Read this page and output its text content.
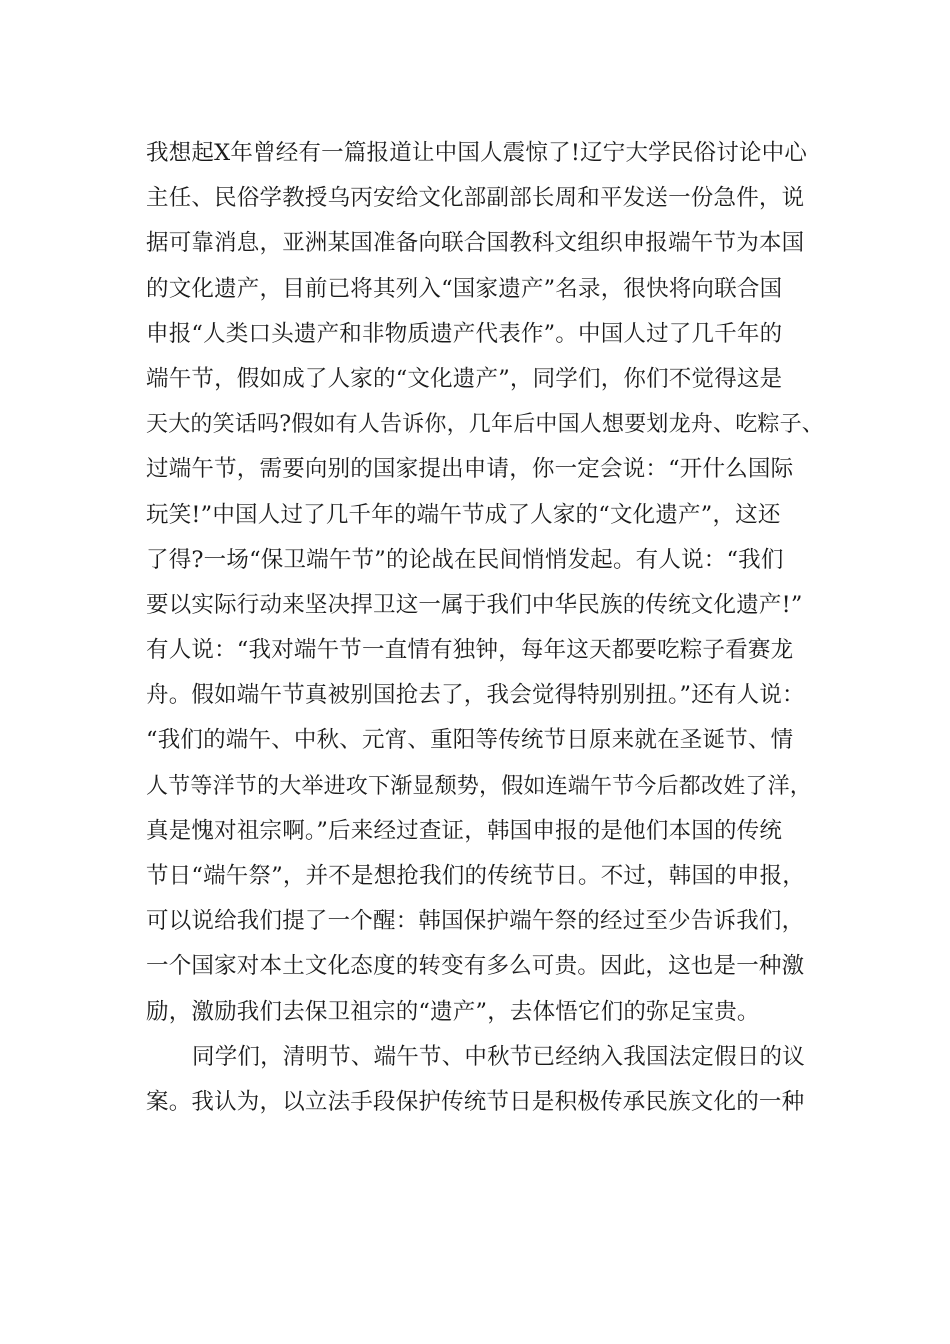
我想起X年曾经有一篇报道让中国人震惊了!辽宁大学民俗讨论中心
主任、民俗学教授乌丙安给文化部副部长周和平发送一份急件，说
据可靠消息，亚洲某国准备向联合国教科文组织申报端午节为本国
的文化遗产，目前已将其列入“国家遗产”名录，很快将向联合国
申报“人类口头遗产和非物质遗产代表作”。中国人过了几千年的
端午节，假如成了人家的“文化遗产”，同学们，你们不觉得这是
天大的笑话吗?假如有人告诉你，几年后中国人想要划龙舟、吃粽子、
过端午节，需要向别的国家提出申请，你一定会说：“开什么国际
玩笑!”中国人过了几千年的端午节成了人家的“文化遗产”，这还
了得?一场“保卫端午节”的论战在民间悄悄发起。有人说：“我们
要以实际行动来坚决捍卫这一属于我们中华民族的传统文化遗产!”
有人说：“我对端午节一直情有独钟，每年这天都要吃粽子看赛龙
舟。假如端午节真被别国抢去了，我会觉得特别别扭。”还有人说：
“我们的端午、中秋、元宵、重阳等传统节日原来就在圣诞节、情
人节等洋节的大举进攻下渐显颓势，假如连端午节今后都改姓了洋，
真是愧对祖宗啊。”后来经过查证，韩国申报的是他们本国的传统
节日“端午祭”，并不是想抢我们的传统节日。不过，韩国的申报，
可以说给我们提了一个醒：韩国保护端午祭的经过至少告诉我们，
一个国家对本土文化态度的转变有多么可贵。因此，这也是一种激
励，激励我们去保卫祖宗的“遗产”，去体悟它们的弥足宝贵。
同学们，清明节、端午节、中秋节已经纳入我国法定假日的议
案。我认为，以立法手段保护传统节日是积极传承民族文化的一种
